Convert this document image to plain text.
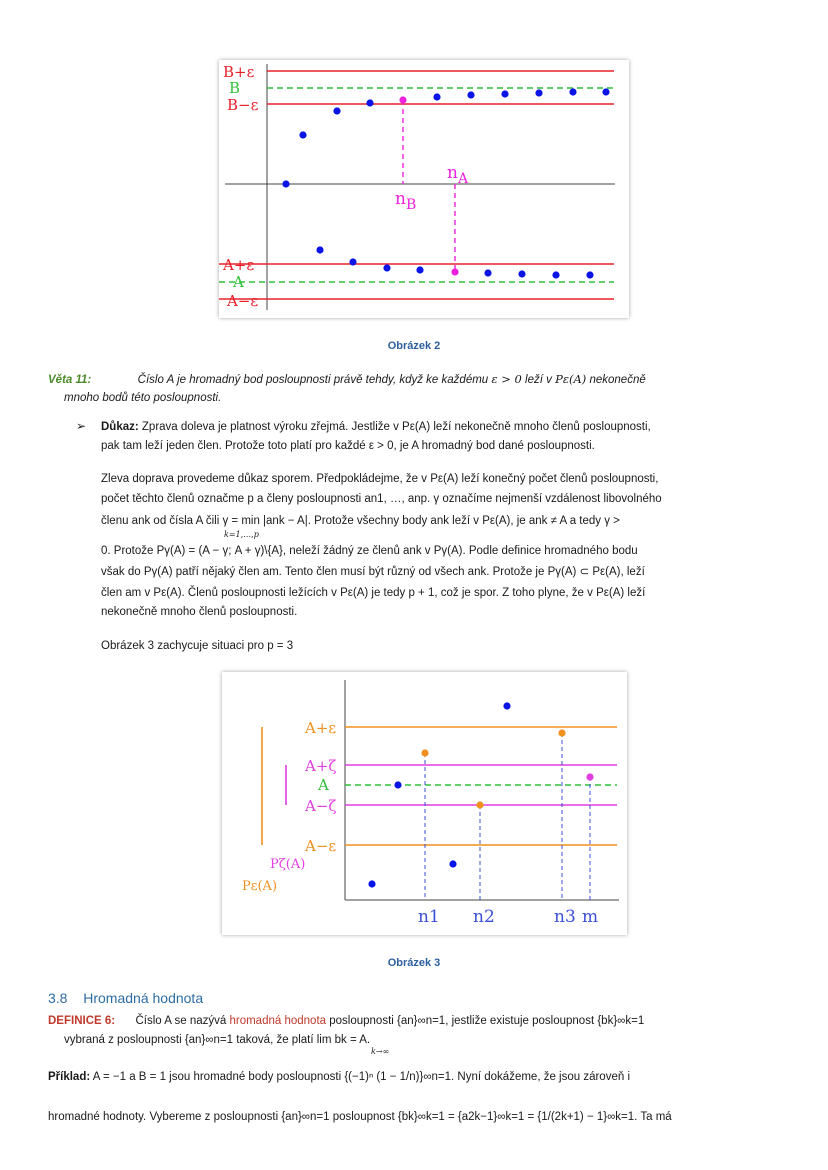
B+ε
B
B−ε
A+ε
A
A−ε
$n_A$
$n_B$
Obrázek 2
Věta 11:	Číslo A je hromadný bod posloupnosti právě tehdy, když ke každému ε > 0 leží v Pε(A) nekonečně
mnoho bodů této posloupnosti.
➢ Důkaz: Zprava doleva je platnost výroku zřejmá. Jestliže v Pε(A) leží nekonečně mnoho členů posloupnosti,
pak tam leží jeden člen. Protože toto platí pro každé ε > 0, je A hromadný bod dané posloupnosti.
Zleva doprava provedeme důkaz sporem. Předpokládejme, že v Pε(A) leží konečný počet členů posloupnosti,
počet těchto členů označme p a členy posloupnosti an1, …, anp. γ označíme nejmenší vzdálenost libovolného
členu ank od čísla A čili γ = min |ank − A|. Protože všechny body ank leží v Pε(A), je ank ≠ A a tedy γ >
k=1,…,p
0. Protože Pγ(A) = (A − γ; A + γ)\{A}, neleží žádný ze členů ank v Pγ(A). Podle definice hromadného bodu
však do Pγ(A) patří nějaký člen am. Tento člen musí být různý od všech ank. Protože je Pγ(A) ⊂ Pε(A), leží
člen am v Pε(A). Členů posloupnosti ležících v Pε(A) je tedy p + 1, což je spor. Z toho plyne, že v Pε(A) leží
nekonečně mnoho členů posloupnosti.
Obrázek 3 zachycuje situaci pro p = 3
A+ε
A+ζ
A
A−ζ
A−ε
Pζ(A)
Pε(A)
n1 n2	n3 m
Obrázek 3
3.8 Hromadná hodnota
DEFINICE 6: Číslo A se nazývá hromadná hodnota posloupnosti {an}∞n=1, jestliže existuje posloupnost {bk}∞k=1
vybraná z posloupnosti {an}∞n=1 taková, že platí lim bk = A.
k→∞
Příklad: A = −1 a B = 1 jsou hromadné body posloupnosti {(−1)ⁿ (1 − 1/n)}∞n=1. Nyní dokážeme, že jsou zároveň i
hromadné hodnoty. Vybereme z posloupnosti {an}∞n=1 posloupnost {bk}∞k=1 = {a2k−1}∞k=1 = {1/(2k+1) − 1}∞k=1. Ta má
